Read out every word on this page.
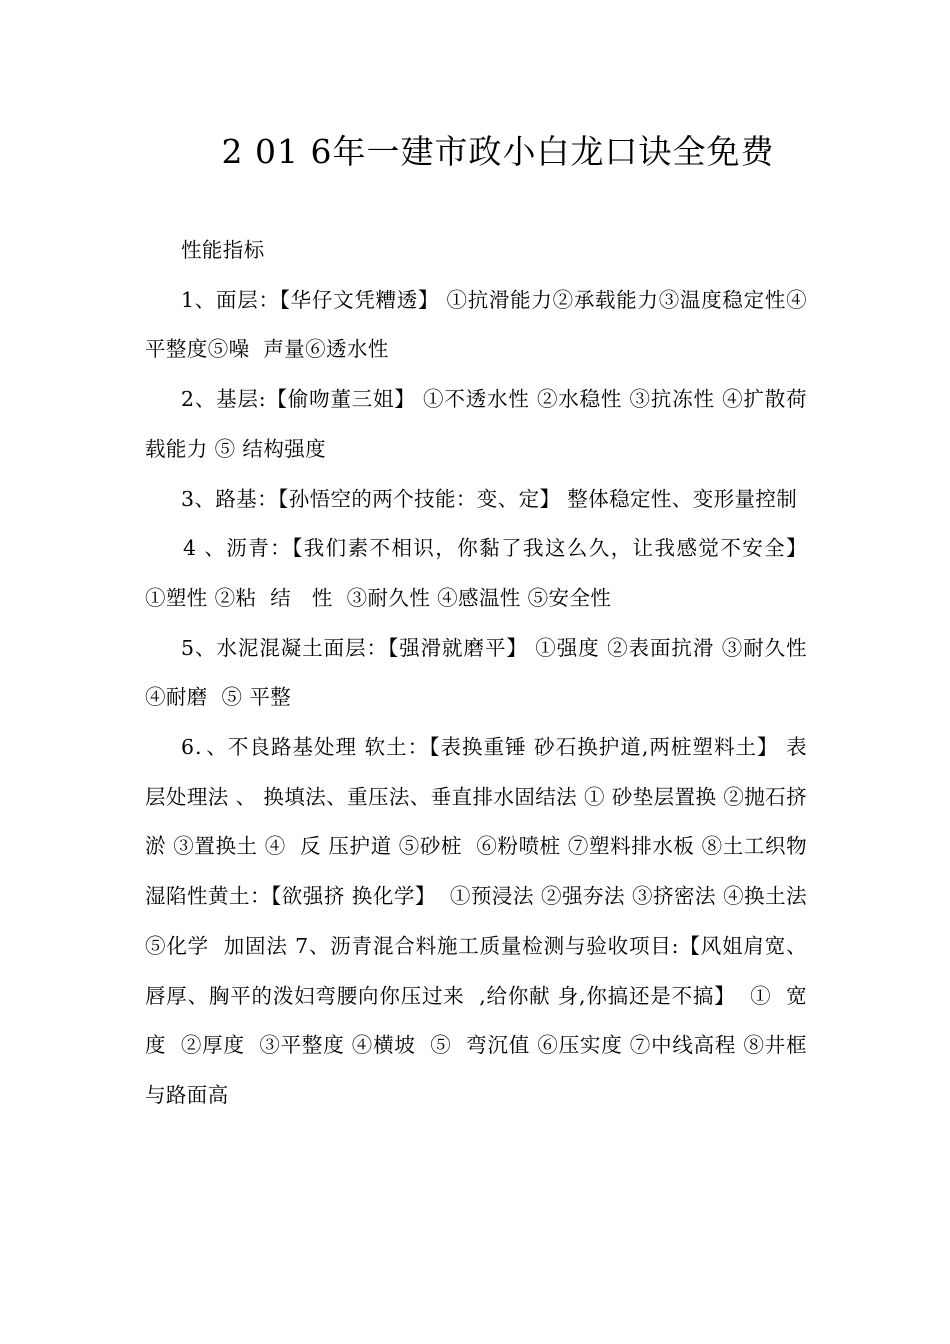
2 01 6年一建市政小白龙口诀全免费

性能指标

1、面层：【华仔文凭糟透】 ①抗滑能力②承载能力③温度稳定性④平整度⑤噪  声量⑥透水性

2、基层:【偷吻董三姐】 ①不透水性 ②水稳性 ③抗冻性 ④扩散荷载能力 ⑤ 结构强度

3、路基：【孙悟空的两个技能：变、定】 整体稳定性、变形量控制

4 、沥青：【我们素不相识，你黏了我这么久，让我感觉不安全】  ①塑性 ②粘  结   性  ③耐久性 ④感温性 ⑤安全性

5、水泥混凝土面层：【强滑就磨平】 ①强度 ②表面抗滑 ③耐久性 ④耐磨  ⑤ 平整

6．、不良路基处理 软土：【表换重锤 砂石换护道,两桩塑料土】 表层处理法 、 换填法、重压法、垂直排水固结法 ① 砂垫层置换 ②抛石挤淤 ③置换土 ④  反 压护道 ⑤砂桩  ⑥粉喷桩 ⑦塑料排水板 ⑧土工织物  湿陷性黄土：【欲强挤 换化学】  ①预浸法 ②强夯法 ③挤密法 ④换土法 ⑤化学  加固法 7、沥青混合料施工质量检测与验收项目:【风姐肩宽、唇厚、胸平的泼妇弯腰向你压过来  ,给你献 身,你搞还是不搞】  ①  宽度  ②厚度  ③平整度 ④横坡  ⑤  弯沉值 ⑥压实度 ⑦中线高程 ⑧井框与路面高
